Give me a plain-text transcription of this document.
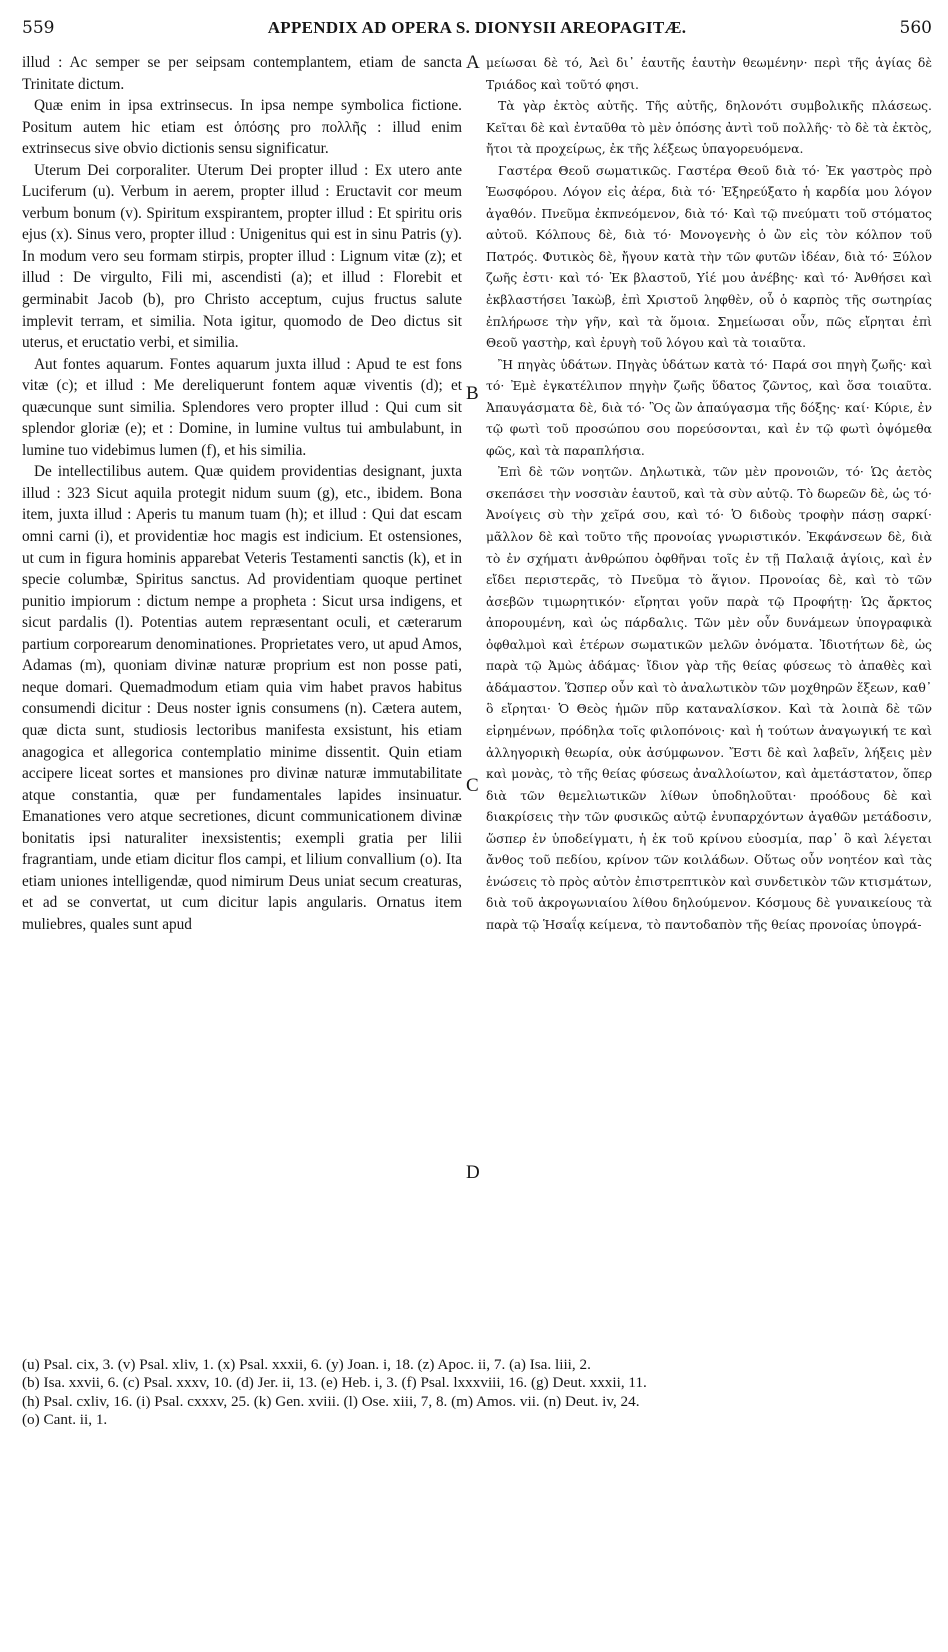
559	APPENDIX AD OPERA S. DIONYSII AREOPAGITÆ.	560

illud : Ac semper se per seipsam contemplantem, etiam de sancta Trinitate dictum.

Quæ enim in ipsa extrinsecus. In ipsa nempe symbolica fictione. Positum autem hic etiam est ὁπόσης pro πολλῆς : illud enim extrinsecus sive obvio dictionis sensu significatur.

Uterum Dei corporaliter. Uterum Dei propter illud : Ex utero ante Luciferum (u). Verbum in aerem, propter illud : Eructavit cor meum verbum bonum (v). Spiritum exspirantem, propter illud : Et spiritu oris ejus (x). Sinus vero, propter illud : Unigenitus qui est in sinu Patris (y). In modum vero seu formam stirpis, propter illud : Lignum vitæ (z); et illud : De virgulto, Fili mi, ascendisti (a); et illud : Florebit et germinabit Jacob (b), pro Christo acceptum, cujus fructus salute implevit terram, et similia. Nota igitur, quomodo de Deo dictus sit uterus, et eructatio verbi, et similia.

Aut fontes aquarum. Fontes aquarum juxta illud : Apud te est fons vitæ (c); et illud : Me dereliquerunt fontem aquæ viventis (d); et quæcunque sunt similia. Splendores vero propter illud : Qui cum sit splendor gloriæ (e); et : Domine, in lumine vultus tui ambulabunt, in lumine tuo videbimus lumen (f), et his similia.

De intellectilibus autem. Quæ quidem providentias designant, juxta illud : 323 Sicut aquila protegit nidum suum (g), etc., ibidem. Bona item, juxta illud : Aperis tu manum tuam (h); et illud : Qui dat escam omni carni (i), et providentiæ hoc magis est indicium. Et ostensiones, ut cum in figura hominis apparebat Veteris Testamenti sanctis (k), et in specie columbæ, Spiritus sanctus. Ad providentiam quoque pertinet punitio impiorum : dictum nempe a propheta : Sicut ursa indigens, et sicut pardalis (l). Potentias autem repræsentant oculi, et cæterarum partium corporearum denominationes. Proprietates vero, ut apud Amos, Adamas (m), quoniam divinæ naturæ proprium est non posse pati, neque domari. Quemadmodum etiam quia vim habet pravos habitus consumendi dicitur : Deus noster ignis consumens (n). Cætera autem, quæ dicta sunt, studiosis lectoribus manifesta exsistunt, his etiam anagogica et allegorica contemplatio minime dissentit. Quin etiam accipere liceat sortes et mansiones pro divinæ naturæ immutabilitate atque constantia, quæ per fundamentales lapides insinuatur. Emanationes vero atque secretiones, dicunt communicationem divinæ bonitatis ipsi naturaliter inexsistentis; exempli gratia per lilii fragrantiam, unde etiam dicitur flos campi, et lilium convallium (o). Ita etiam uniones intelligendæ, quod nimirum Deus uniat secum creaturas, et ad se convertat, ut cum dicitur lapis angularis. Ornatus item muliebres, quales sunt apud

A
B
C
D

μείωσαι δὲ τό, Ἀεὶ δι᾿ ἑαυτῆς ἑαυτὴν θεωμένην· περὶ τῆς ἁγίας δὲ Τριάδος καὶ τοῦτό φησι.

Τὰ γὰρ ἐκτὸς αὐτῆς. Τῆς αὐτῆς, δηλονότι συμβολικῆς πλάσεως. Κεῖται δὲ καὶ ἐνταῦθα τὸ μὲν ὁπόσης ἀντὶ τοῦ πολλῆς· τὸ δὲ τὰ ἐκτὸς, ἤτοι τὰ προχείρως, ἐκ τῆς λέξεως ὑπαγορευόμενα.

Γαστέρα Θεοῦ σωματικῶς. Γαστέρα Θεοῦ διὰ τό· Ἐκ γαστρὸς πρὸ Ἑωσφόρου. Λόγον εἰς ἀέρα, διὰ τό· Ἐξηρεύξατο ἡ καρδία μου λόγον ἀγαθόν. Πνεῦμα ἐκπνεόμενον, διὰ τό· Καὶ τῷ πνεύματι τοῦ στόματος αὐτοῦ. Κόλπους δὲ, διὰ τό· Μονογενὴς ὁ ὢν εἰς τὸν κόλπον τοῦ Πατρός. Φυτικὸς δὲ, ἤγουν κατὰ τὴν τῶν φυτῶν ἰδέαν, διὰ τό· Ξύλον ζωῆς ἐστι· καὶ τό· Ἐκ βλαστοῦ, Υἱέ μου ἀνέβης· καὶ τό· Ἀνθήσει καὶ ἐκβλαστήσει Ἰακὼβ, ἐπὶ Χριστοῦ ληφθὲν, οὗ ὁ καρπὸς τῆς σωτηρίας ἐπλήρωσε τὴν γῆν, καὶ τὰ ὅμοια. Σημείωσαι οὖν, πῶς εἴρηται ἐπὶ Θεοῦ γαστὴρ, καὶ ἐρυγὴ τοῦ λόγου καὶ τὰ τοιαῦτα.

Ἢ πηγὰς ὑδάτων. Πηγὰς ὑδάτων κατὰ τό· Παρά σοι πηγὴ ζωῆς· καὶ τό· Ἐμὲ ἐγκατέλιπον πηγὴν ζωῆς ὕδατος ζῶντος, καὶ ὅσα τοιαῦτα. Ἀπαυγάσματα δὲ, διὰ τό· Ὃς ὢν ἀπαύγασμα τῆς δόξης· καί· Κύριε, ἐν τῷ φωτὶ τοῦ προσώπου σου πορεύσονται, καὶ ἐν τῷ φωτὶ ὀψόμεθα φῶς, καὶ τὰ παραπλήσια.

Ἐπὶ δὲ τῶν νοητῶν. Δηλωτικὰ, τῶν μὲν προνοιῶν, τό· Ὡς ἀετὸς σκεπάσει τὴν νοσσιὰν ἑαυτοῦ, καὶ τὰ σὺν αὐτῷ. Τὸ δωρεῶν δὲ, ὡς τό· Ἀνοίγεις σὺ τὴν χεῖρά σου, καὶ τό· Ὁ διδοὺς τροφὴν πάσῃ σαρκί· μᾶλλον δὲ καὶ τοῦτο τῆς προνοίας γνωριστικόν. Ἐκφάνσεων δὲ, διὰ τὸ ἐν σχήματι ἀνθρώπου ὀφθῆναι τοῖς ἐν τῇ Παλαιᾷ ἁγίοις, καὶ ἐν εἴδει περιστερᾶς, τὸ Πνεῦμα τὸ ἅγιον. Προνοίας δὲ, καὶ τὸ τῶν ἀσεβῶν τιμωρητικόν· εἴρηται γοῦν παρὰ τῷ Προφήτῃ· Ὡς ἄρκτος ἀπορουμένη, καὶ ὡς πάρδαλις. Τῶν μὲν οὖν δυνάμεων ὑπογραφικὰ ὀφθαλμοὶ καὶ ἑτέρων σωματικῶν μελῶν ὀνόματα. Ἰδιοτήτων δὲ, ὡς παρὰ τῷ Ἀμὼς ἀδάμας· ἴδιον γὰρ τῆς θείας φύσεως τὸ ἀπαθὲς καὶ ἀδάμαστον. Ὥσπερ οὖν καὶ τὸ ἀναλωτικὸν τῶν μοχθηρῶν ἕξεων, καθ᾿ ὃ εἴρηται· Ὁ Θεὸς ἡμῶν πῦρ καταναλίσκον. Καὶ τὰ λοιπὰ δὲ τῶν εἰρημένων, πρόδηλα τοῖς φιλοπόνοις· καὶ ἡ τούτων ἀναγωγική τε καὶ ἀλληγορικὴ θεωρία, οὐκ ἀσύμφωνον. Ἔστι δὲ καὶ λαβεῖν, λήξεις μὲν καὶ μονὰς, τὸ τῆς θείας φύσεως ἀναλλοίωτον, καὶ ἀμετάστατον, ὅπερ διὰ τῶν θεμελιωτικῶν λίθων ὑποδηλοῦται· προόδους δὲ καὶ διακρίσεις τὴν τῶν φυσικῶς αὐτῷ ἐνυπαρχόντων ἀγαθῶν μετάδοσιν, ὥσπερ ἐν ὑποδείγματι, ἡ ἐκ τοῦ κρίνου εὐοσμία, παρ᾿ ὃ καὶ λέγεται ἄνθος τοῦ πεδίου, κρίνον τῶν κοιλάδων. Οὕτως οὖν νοητέον καὶ τὰς ἑνώσεις τὸ πρὸς αὐτὸν ἐπιστρεπτικὸν καὶ συνδετικὸν τῶν κτισμάτων, διὰ τοῦ ἀκρογωνιαίου λίθου δηλούμενον. Κόσμους δὲ γυναικείους τὰ παρὰ τῷ Ἡσαΐᾳ κείμενα, τὸ παντοδαπὸν τῆς θείας προνοίας ὑπογρά-

(u) Psal. cix, 3. (v) Psal. xliv, 1. (x) Psal. xxxii, 6. (y) Joan. i, 18. (z) Apoc. ii, 7. (a) Isa. liii, 2.
(b) Isa. xxvii, 6. (c) Psal. xxxv, 10. (d) Jer. ii, 13. (e) Heb. i, 3. (f) Psal. lxxxviii, 16. (g) Deut. xxxii, 11.
(h) Psal. cxliv, 16. (i) Psal. cxxxv, 25. (k) Gen. xviii. (l) Ose. xiii, 7, 8. (m) Amos. vii. (n) Deut. iv, 24.
(o) Cant. ii, 1.
